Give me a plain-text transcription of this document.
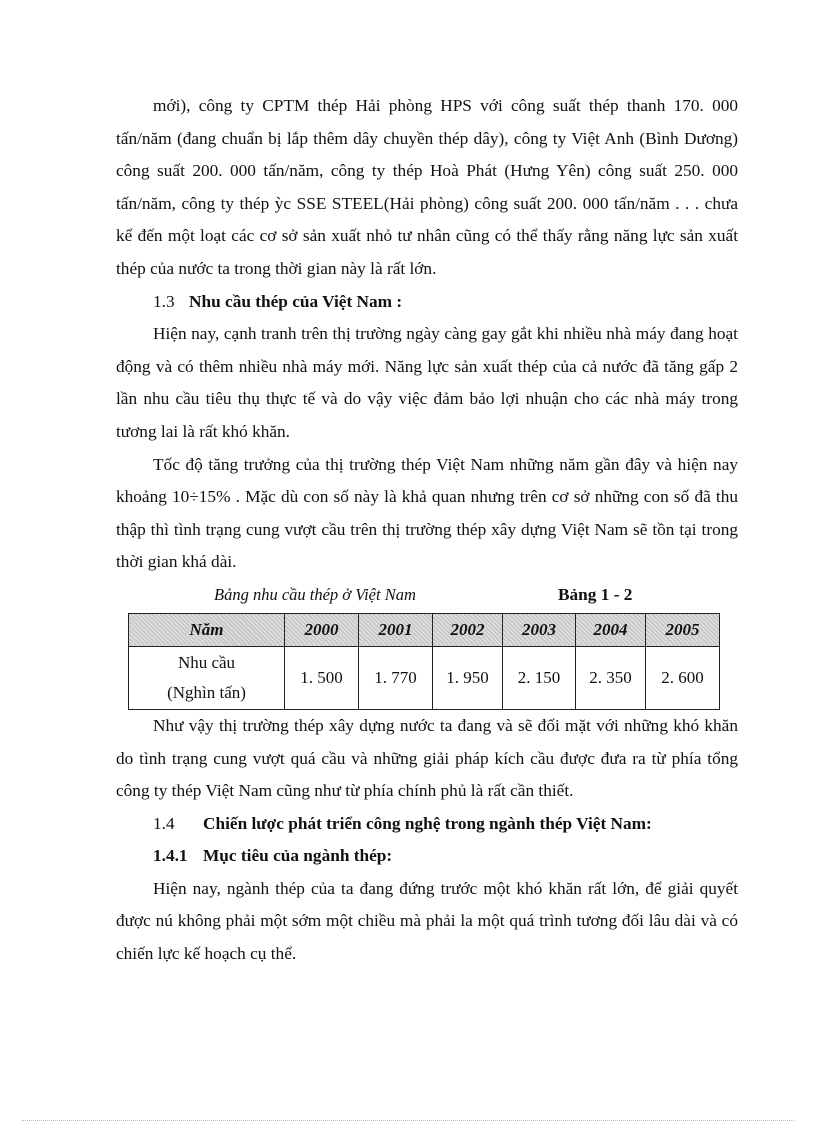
mới), công ty CPTM thép Hải phòng HPS với công suất thép thanh 170. 000 tấn/năm (đang chuẩn bị lắp thêm dây chuyền thép dây), công ty Việt Anh (Bình Dương) công suất 200. 000 tấn/năm, công ty thép Hoà Phát (Hưng Yên) công suất 250. 000 tấn/năm, công ty thép ỳc SSE STEEL(Hải phòng) công suất 200. 000 tấn/năm . . . chưa kể đến một loạt các cơ sở sản xuất nhỏ tư nhân cũng có thể thấy rằng năng lực sản xuất thép của nước ta trong thời gian này là rất lớn.

1.3 Nhu cầu thép của Việt Nam :

Hiện nay, cạnh tranh trên thị trường ngày càng gay gắt khi nhiều nhà máy đang hoạt động và có thêm nhiều nhà máy mới. Năng lực sản xuất thép của cả nước đã tăng gấp 2 lần nhu cầu tiêu thụ thực tế và do vậy việc đảm bảo lợi nhuận cho các nhà máy trong tương lai là rất khó khăn.

Tốc độ tăng trưởng của thị trường thép Việt Nam những năm gần đây và hiện nay khoảng 10÷15% . Mặc dù con số này là khả quan nhưng trên cơ sở những con số đã thu thập thì tình trạng cung vượt cầu trên thị trường thép xây dựng Việt Nam sẽ tồn tại trong thời gian khá dài.

Bảng nhu cầu thép ở Việt Nam	Bảng 1 - 2
Năm	2000	2001	2002	2003	2004	2005
Nhu cầu
(Nghìn tấn)	1. 500	1. 770	1. 950	2. 150	2. 350	2. 600

Như vậy thị trường thép xây dựng nước ta đang và sẽ đối mặt với những khó khăn do tình trạng cung vượt quá cầu và những giải pháp kích cầu được đưa ra từ phía tổng công ty thép Việt Nam cũng như từ phía chính phủ là rất cần thiết.

1.4 Chiến lược phát triển công nghệ trong ngành thép Việt Nam:
1.4.1 Mục tiêu của ngành thép:

Hiện nay, ngành thép của ta đang đứng trước một khó khăn rất lớn, để giải quyết được nú không phải một sớm một chiều mà phải la một quá trình tương đối lâu dài và có chiến lực kế hoạch cụ thể.
